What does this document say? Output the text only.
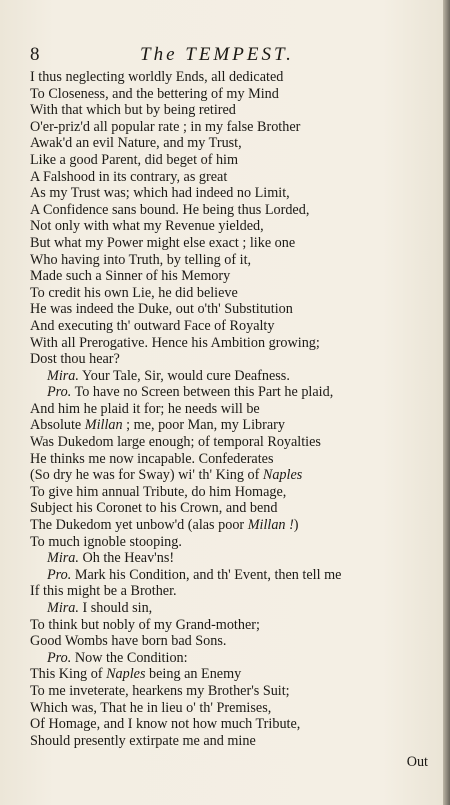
8	The TEMPEST.
I thus neglecting worldly Ends, all dedicated
To Closeness, and the bettering of my Mind
With that which but by being retired
O'er-priz'd all popular rate ; in my false Brother
Awak'd an evil Nature, and my Trust,
Like a good Parent, did beget of him
A Falshood in its contrary, as great
As my Trust was; which had indeed no Limit,
A Confidence sans bound. He being thus Lorded,
Not only with what my Revenue yielded,
But what my Power might else exact ; like one
Who having into Truth, by telling of it,
Made such a Sinner of his Memory
To credit his own Lie, he did believe
He was indeed the Duke, out o'th' Substitution
And executing th' outward Face of Royalty
With all Prerogative. Hence his Ambition growing;
Dost thou hear?
Mira. Your Tale, Sir, would cure Deafness.
Pro. To have no Screen between this Part he plaid,
And him he plaid it for; he needs will be
Absolute Millan ; me, poor Man, my Library
Was Dukedom large enough; of temporal Royalties
He thinks me now incapable. Confederates
(So dry he was for Sway) wi' th' King of Naples
To give him annual Tribute, do him Homage,
Subject his Coronet to his Crown, and bend
The Dukedom yet unbow'd (alas poor Millan !)
To much ignoble stooping.
Mira. Oh the Heav'ns!
Pro. Mark his Condition, and th' Event, then tell me
If this might be a Brother.
Mira. I should sin,
To think but nobly of my Grand-mother;
Good Wombs have born bad Sons.
Pro. Now the Condition:
This King of Naples being an Enemy
To me inveterate, hearkens my Brother's Suit;
Which was, That he in lieu o' th' Premises,
Of Homage, and I know not how much Tribute,
Should presently extirpate me and mine
Out
